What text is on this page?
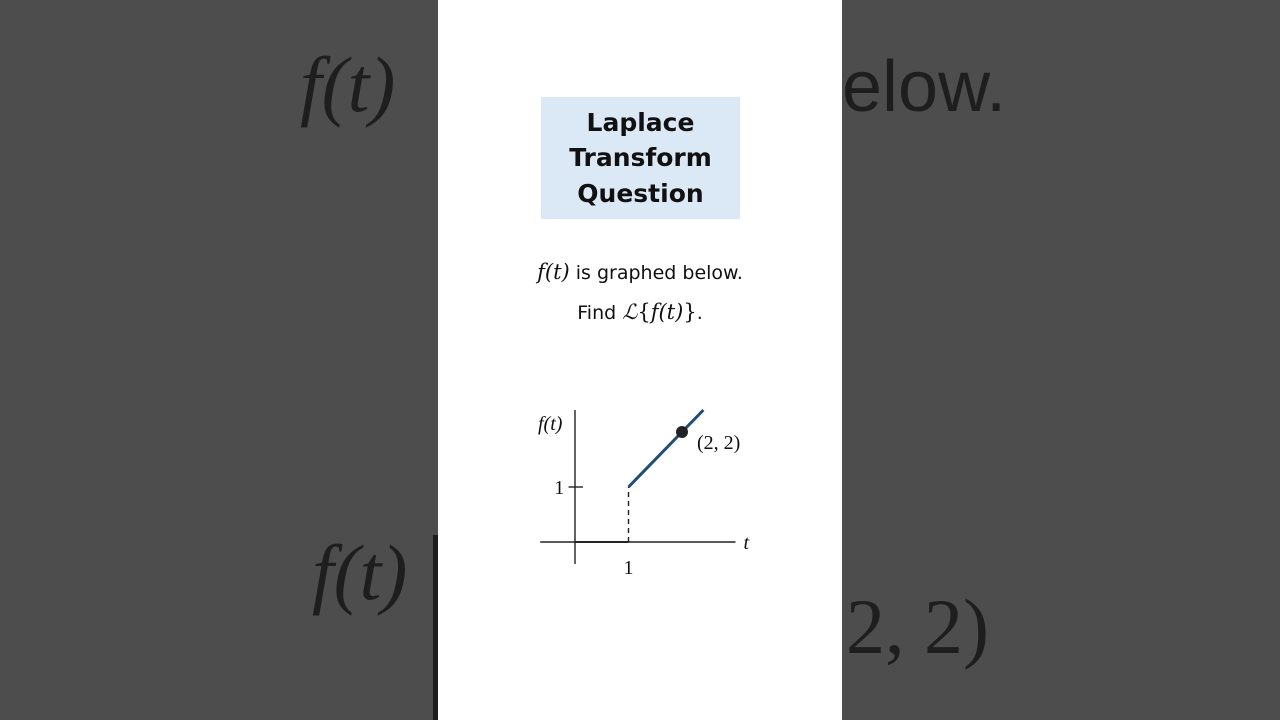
f(t)
f(t)
elow.
2, 2)
Laplace
Transform
Question
f(t) is graphed below.
Find ℒ{f(t)}.
(2, 2)
f(t)
t
1
1
